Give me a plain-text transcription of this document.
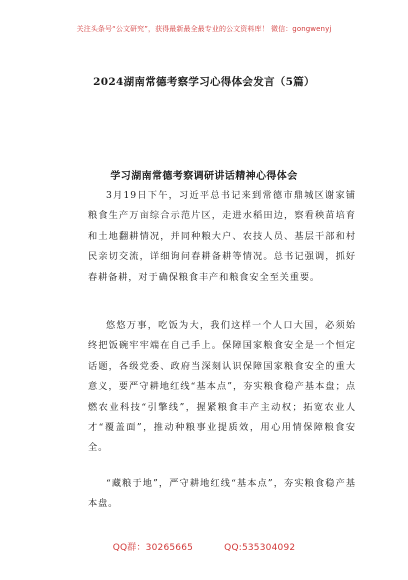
关注头条号“公文研究”，获得最新最全最专业的公文资料库！ 微信：gongwenyj
2024湖南常德考察学习心得体会发言（5篇）
学习湖南常德考察调研讲话精神心得体会

3月19日下午，习近平总书记来到常德市鼎城区谢家铺粮食生产万亩综合示范片区，走进水稻田边，察看秧苗培育和土地翻耕情况，并同种粮大户、农技人员、基层干部和村民亲切交流，详细询问春耕备耕等情况。总书记强调，抓好春耕备耕，对于确保粮食丰产和粮食安全至关重要。

悠悠万事，吃饭为大，我们这样一个人口大国，必须始终把饭碗牢牢端在自己手上。保障国家粮食安全是一个恒定话题，各级党委、政府当深刻认识保障国家粮食安全的重大意义，要严守耕地红线“基本点”，夯实粮食稳产基本盘；点燃农业科技“引擎线”，握紧粮食丰产主动权；拓宽农业人才“覆盖面”，推动种粮事业提质效，用心用情保障粮食安全。

“藏粮于地”，严守耕地红线“基本点”，夯实粮食稳产基本盘。

QQ群：30265665	QQ:535304092
